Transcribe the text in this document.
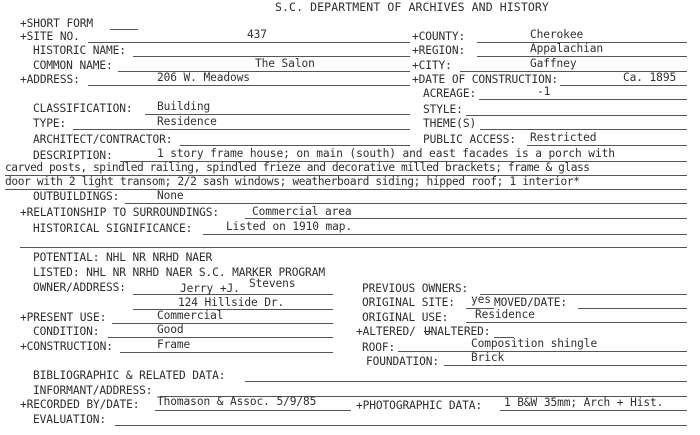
S.C. DEPARTMENT OF ARCHIVES AND HISTORY
+SHORT FORM
+SITE NO.	437	+COUNTY:	Cherokee
HISTORIC NAME:	+REGION:	Appalachian
COMMON NAME:	The Salon	+CITY:	Gaffney
+ADDRESS:	206 W. Meadows	+DATE OF CONSTRUCTION:	Ca. 1895
ACREAGE:	-1
CLASSIFICATION: Building	STYLE:
TYPE:	Residence	THEME(S)
ARCHITECT/CONTRACTOR:	PUBLIC ACCESS: Restricted
DESCRIPTION:	1 story frame house; on main (south) and east facades is a porch with
carved posts, spindled railing, spindled frieze and decorative milled brackets; frame & glass
door with 2 light transom; 2/2 sash windows; weatherboard siding; hipped roof; 1 interior*
OUTBUILDINGS:	None
+RELATIONSHIP TO SURROUNDINGS:	Commercial area
HISTORICAL SIGNIFICANCE:	Listed on 1910 map.
POTENTIAL: NHL NR NRHD NAER
LISTED: NHL NR NRHD NAER S.C. MARKER PROGRAM
OWNER/ADDRESS:	Jerry +J. Stevens	PREVIOUS OWNERS:
124 Hillside Dr.	ORIGINAL SITE: yes MOVED/DATE:
+PRESENT USE:	Commercial	ORIGINAL USE: Residence
CONDITION:	Good	+ALTERED/ UNALTERED:
+CONSTRUCTION:	Frame	ROOF:	Composition shingle
FOUNDATION:	Brick
BIBLIOGRAPHIC & RELATED DATA:
INFORMANT/ADDRESS:
+RECORDED BY/DATE: Thomason & Assoc. 5/9/85	+PHOTOGRAPHIC DATA: 1 B&W 35mm; Arch + Hist.
EVALUATION:
